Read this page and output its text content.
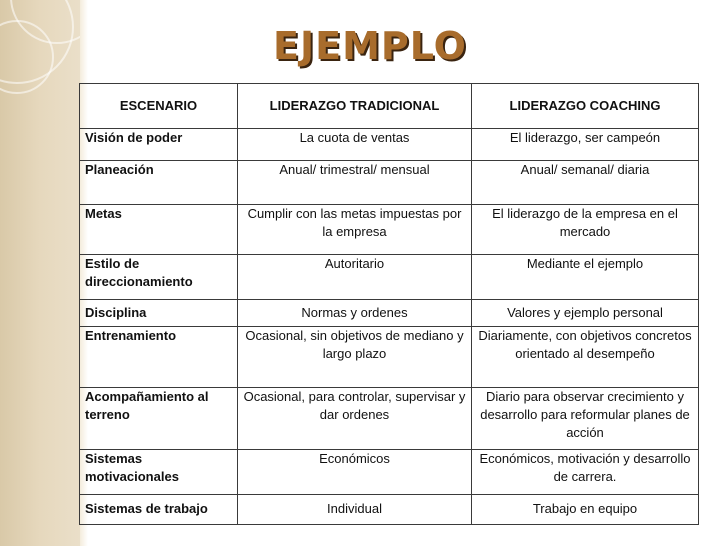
EJEMPLO
ESCENARIO	LIDERAZGO TRADICIONAL	LIDERAZGO COACHING
Visión de poder	La cuota de ventas	El liderazgo, ser campeón
Planeación	Anual/ trimestral/ mensual	Anual/ semanal/ diaria
Metas	Cumplir con las metas impuestas por la empresa	El liderazgo de la empresa en el mercado
Estilo de direccionamiento	Autoritario	Mediante el ejemplo
Disciplina	Normas y ordenes	Valores y ejemplo personal
Entrenamiento	Ocasional, sin objetivos de mediano y largo plazo	Diariamente, con objetivos concretos orientado al desempeño
Acompañamiento al terreno	Ocasional, para controlar, supervisar y dar ordenes	Diario para observar crecimiento y desarrollo para reformular planes de acción
Sistemas motivacionales	Económicos	Económicos, motivación y desarrollo de carrera.
Sistemas de trabajo	Individual	Trabajo en equipo
